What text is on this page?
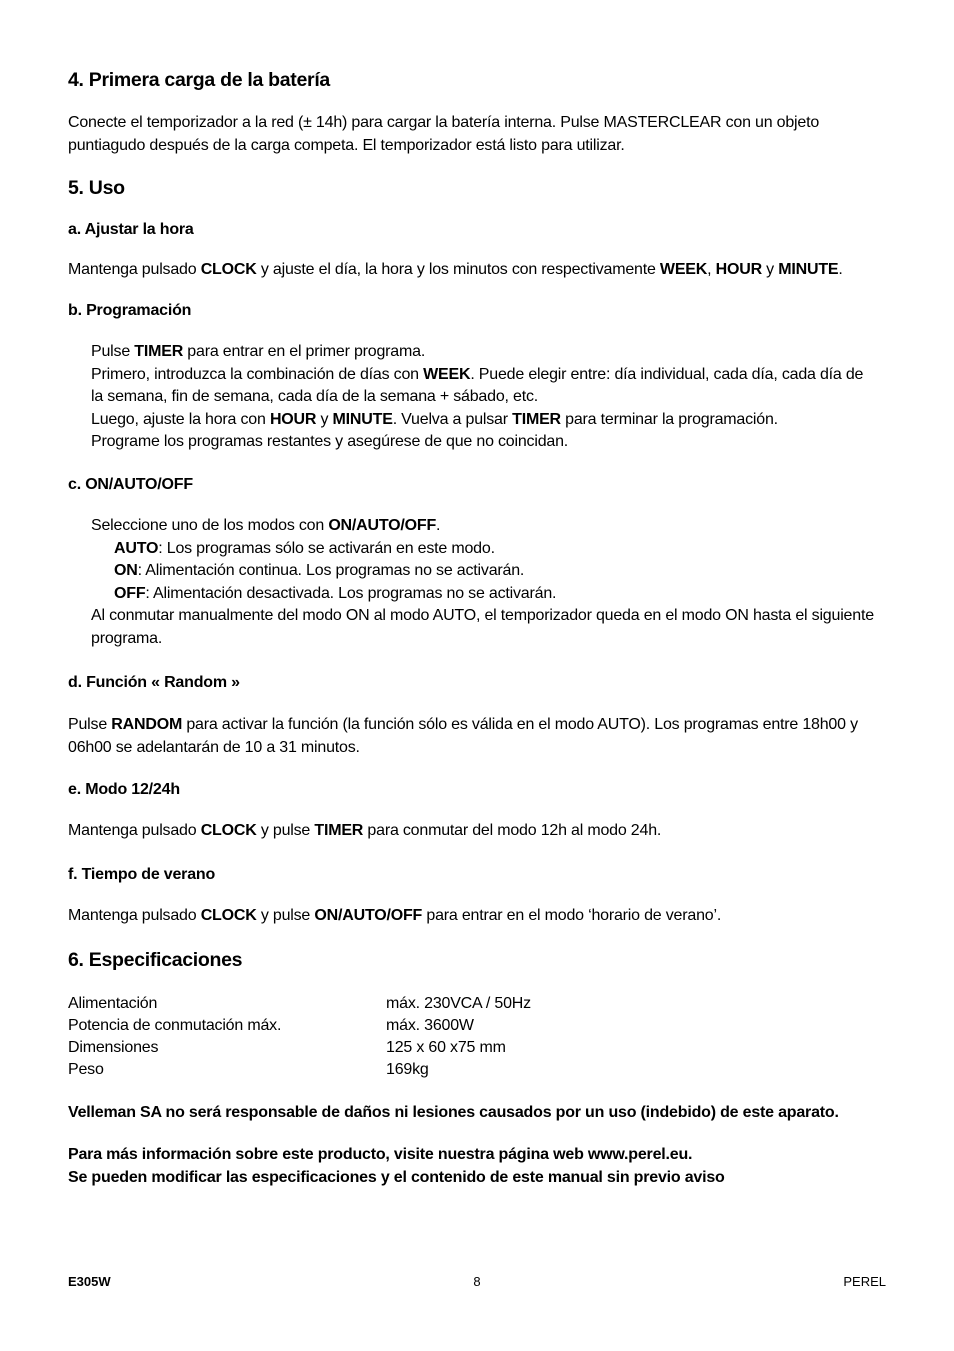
4. Primera carga de la batería
Conecte el temporizador a la red (± 14h) para cargar la batería interna. Pulse MASTERCLEAR con un objeto
puntiagudo después de la carga competa. El temporizador está listo para utilizar.
5. Uso
a. Ajustar la hora
Mantenga pulsado CLOCK y ajuste el día, la hora y los minutos con respectivamente WEEK, HOUR y MINUTE.
b. Programación
Pulse TIMER para entrar en el primer programa.
Primero, introduzca la combinación de días con WEEK. Puede elegir entre: día individual, cada día, cada día de
la semana, fin de semana, cada día de la semana + sábado, etc.
Luego, ajuste la hora con HOUR y MINUTE. Vuelva a pulsar TIMER para terminar la programación.
Programe los programas restantes y asegúrese de que no coincidan.
c. ON/AUTO/OFF
Seleccione uno de los modos con ON/AUTO/OFF.
AUTO: Los programas sólo se activarán en este modo.
ON: Alimentación continua. Los programas no se activarán.
OFF: Alimentación desactivada. Los programas no se activarán.
Al conmutar manualmente del modo ON al modo AUTO, el temporizador queda en el modo ON hasta el siguiente
programa.
d. Función « Random »
Pulse RANDOM para activar la función (la función sólo es válida en el modo AUTO). Los programas entre 18h00 y
06h00 se adelantarán de 10 a 31 minutos.
e. Modo 12/24h
Mantenga pulsado CLOCK y pulse TIMER para conmutar del modo 12h al modo 24h.
f. Tiempo de verano
Mantenga pulsado CLOCK y pulse ON/AUTO/OFF para entrar en el modo ‘horario de verano’.
6. Especificaciones
Alimentación	máx. 230VCA / 50Hz
Potencia de conmutación máx.	máx. 3600W
Dimensiones	125 x 60 x75 mm
Peso	169kg
Velleman SA no será responsable de daños ni lesiones causados por un uso (indebido) de este aparato.
Para más información sobre este producto, visite nuestra página web www.perel.eu.
Se pueden modificar las especificaciones y el contenido de este manual sin previo aviso
E305W	8	PEREL
